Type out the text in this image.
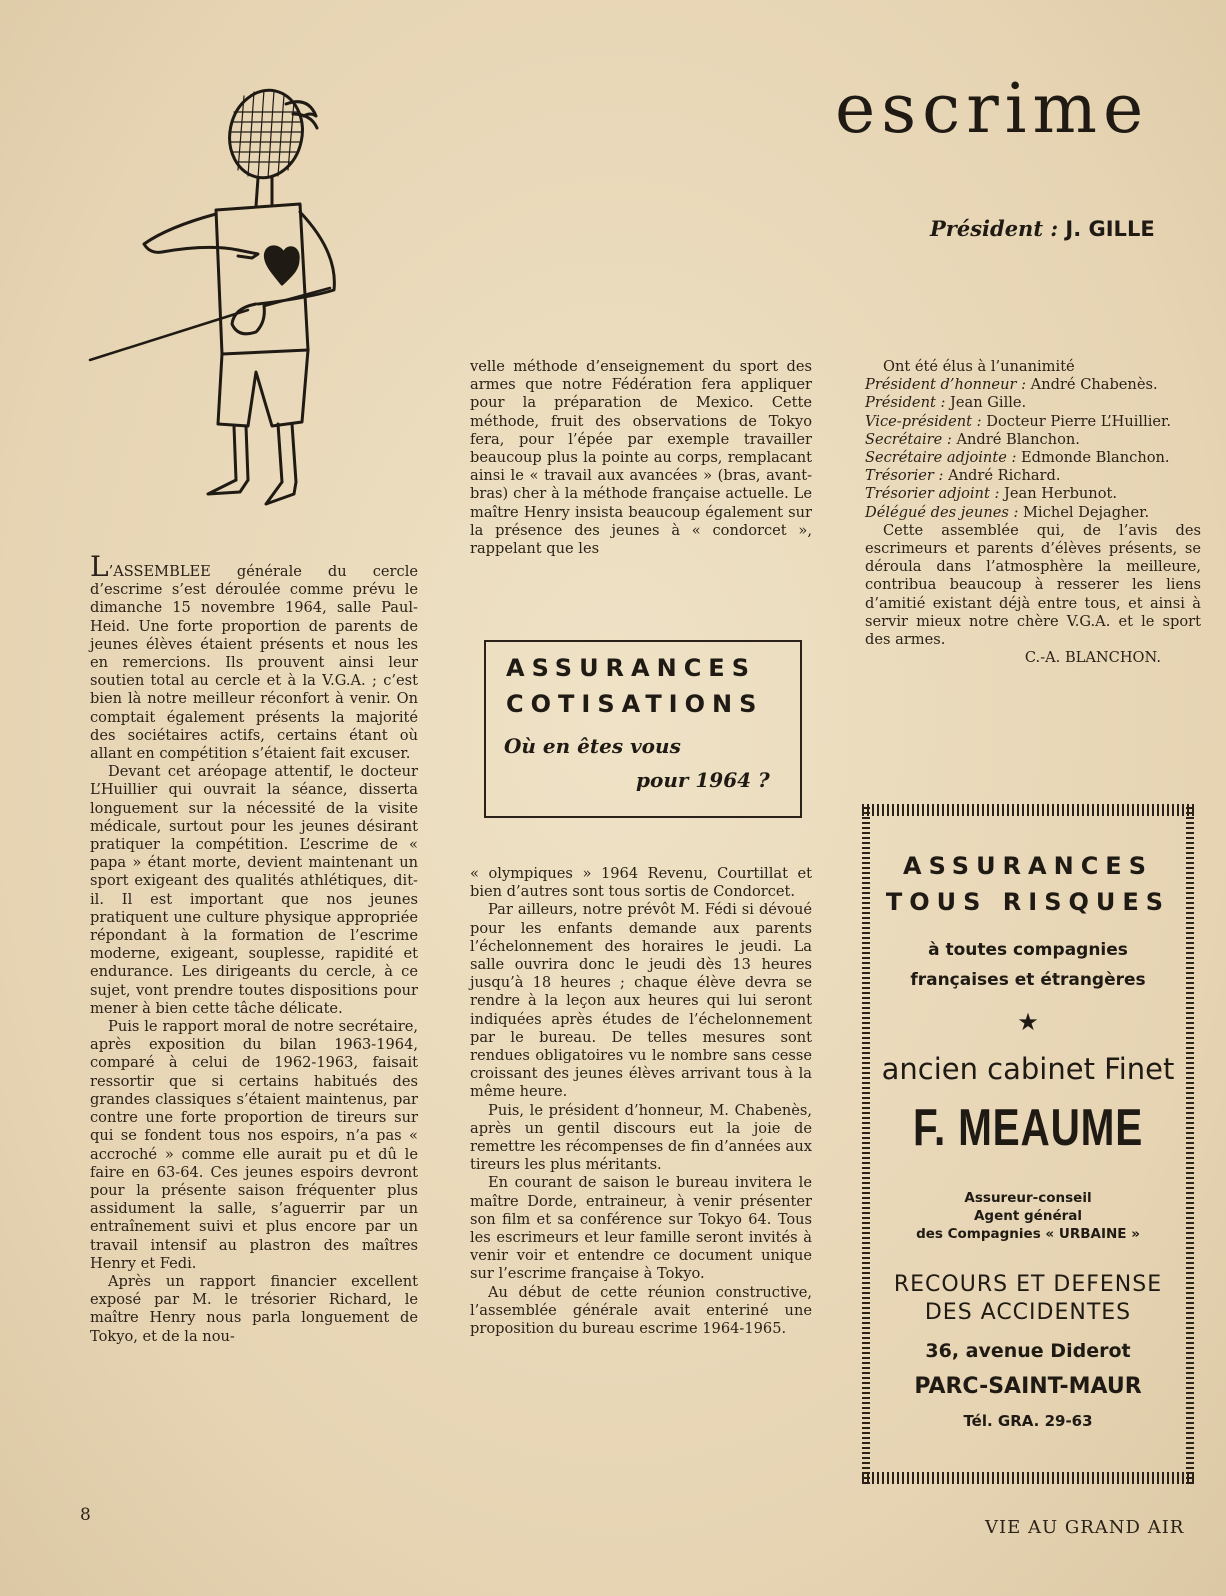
escrime
Président : J. GILLE

L’ASSEMBLEE générale du cercle d’escrime s’est déroulée comme prévu le dimanche 15 novembre 1964, salle Paul-Heid. Une forte proportion de parents de jeunes élèves étaient présents et nous les en remercions. Ils prouvent ainsi leur soutien total au cercle et à la V.G.A. ; c’est bien là notre meilleur réconfort à venir. On comptait également présents la majorité des sociétaires actifs, certains étant où allant en compétition s’étaient fait excuser.

Devant cet aréopage attentif, le docteur L’Huillier qui ouvrait la séance, disserta longuement sur la nécessité de la visite médicale, surtout pour les jeunes désirant pratiquer la compétition. L’escrime de « papa » étant morte, devient maintenant un sport exigeant des qualités athlétiques, dit-il. Il est important que nos jeunes pratiquent une culture physique appropriée répondant à la formation de l’escrime moderne, exigeant, souplesse, rapidité et endurance. Les dirigeants du cercle, à ce sujet, vont prendre toutes dispositions pour mener à bien cette tâche délicate.

Puis le rapport moral de notre secrétaire, après exposition du bilan 1963-1964, comparé à celui de 1962-1963, faisait ressortir que si certains habitués des grandes classiques s’étaient maintenus, par contre une forte proportion de tireurs sur qui se fondent tous nos espoirs, n’a pas « accroché » comme elle aurait pu et dû le faire en 63-64. Ces jeunes espoirs devront pour la présente saison fréquenter plus assidument la salle, s’aguerrir par un entraînement suivi et plus encore par un travail intensif au plastron des maîtres Henry et Fedi.

Après un rapport financier excellent exposé par M. le trésorier Richard, le maître Henry nous parla longuement de Tokyo, et de la nou-

velle méthode d’enseignement du sport des armes que notre Fédération fera appliquer pour la préparation de Mexico. Cette méthode, fruit des observations de Tokyo fera, pour l’épée par exemple travailler beaucoup plus la pointe au corps, remplacant ainsi le « travail aux avancées » (bras, avant-bras) cher à la méthode française actuelle. Le maître Henry insista beaucoup également sur la présence des jeunes à « condorcet », rappelant que les

ASSURANCES
COTISATIONS
Où en êtes vous
pour 1964 ?

« olympiques » 1964 Revenu, Courtillat et bien d’autres sont tous sortis de Condorcet.

Par ailleurs, notre prévôt M. Fédi si dévoué pour les enfants demande aux parents l’échelonnement des horaires le jeudi. La salle ouvrira donc le jeudi dès 13 heures jusqu’à 18 heures ; chaque élève devra se rendre à la leçon aux heures qui lui seront indiquées après études de l’échelonnement par le bureau. De telles mesures sont rendues obligatoires vu le nombre sans cesse croissant des jeunes élèves arrivant tous à la même heure.

Puis, le président d’honneur, M. Chabenès, après un gentil discours eut la joie de remettre les récompenses de fin d’années aux tireurs les plus méritants.

En courant de saison le bureau invitera le maître Dorde, entraineur, à venir présenter son film et sa conférence sur Tokyo 64. Tous les escrimeurs et leur famille seront invités à venir voir et entendre ce document unique sur l’escrime française à Tokyo.

Au début de cette réunion constructive, l’assemblée générale avait enteriné une proposition du bureau escrime 1964-1965.

Ont été élus à l’unanimité

Président d’honneur : André Chabenès.

Président : Jean Gille.

Vice-président : Docteur Pierre L’Huillier.

Secrétaire : André Blanchon.

Secrétaire adjointe : Edmonde Blanchon.

Trésorier : André Richard.

Trésorier adjoint : Jean Herbunot.

Délégué des jeunes : Michel Dejagher.

Cette assemblée qui, de l’avis des escrimeurs et parents d’élèves présents, se déroula dans l’atmosphère la meilleure, contribua beaucoup à resserer les liens d’amitié existant déjà entre tous, et ainsi à servir mieux notre chère V.G.A. et le sport des armes.

C.-A. BLANCHON.

ASSURANCES
TOUS RISQUES
à toutes compagnies
françaises et étrangères
★
ancien cabinet Finet
F. MEAUME
Assureur-conseil
Agent général
des Compagnies « URBAINE »
RECOURS ET DEFENSE
DES ACCIDENTES
36, avenue Diderot
PARC-SAINT-MAUR
Tél. GRA. 29-63
8
VIE AU GRAND AIR
